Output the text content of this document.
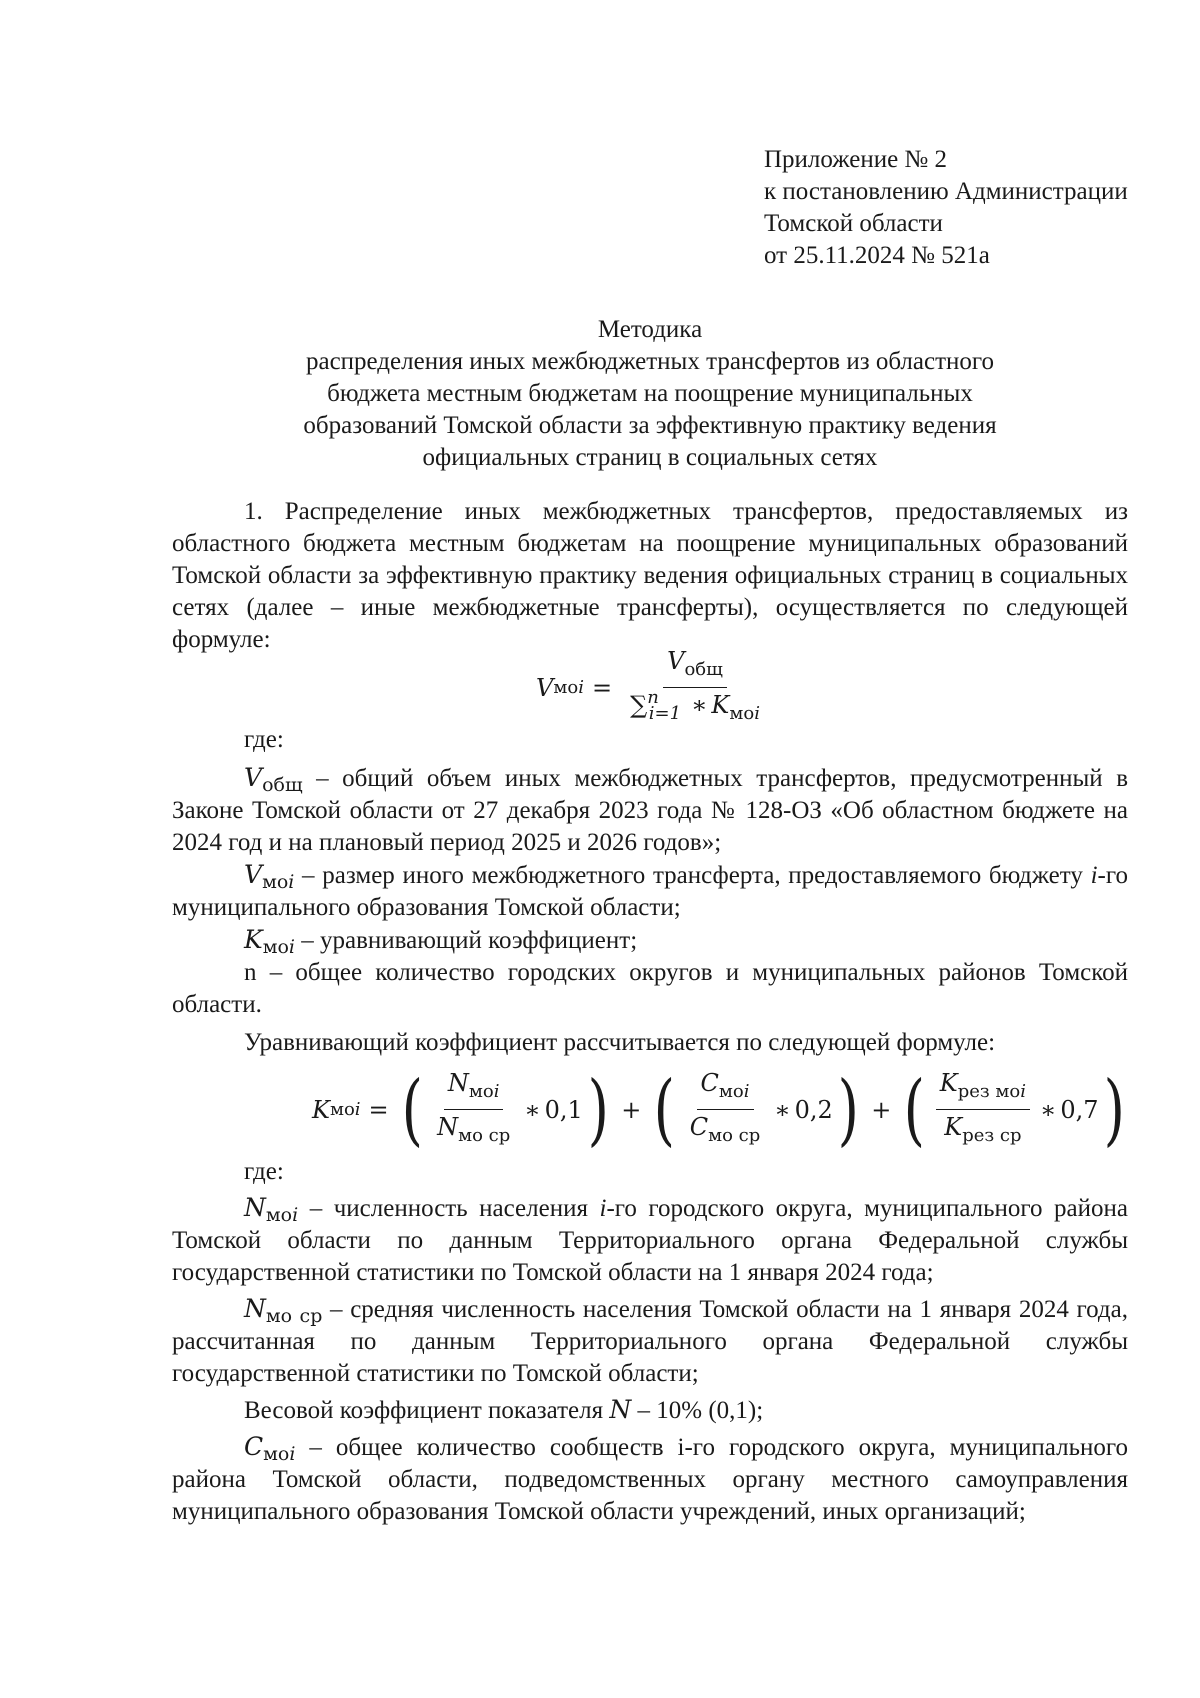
Приложение № 2
к постановлению Администрации
Томской области
от 25.11.2024 № 521а
Методика
распределения иных межбюджетных трансфертов из областного
бюджета местным бюджетам на поощрение муниципальных
образований Томской области за эффективную практику ведения
официальных страниц в социальных сетях

1. Распределение иных межбюджетных трансфертов, предоставляемых из областного бюджета местным бюджетам на поощрение муниципальных образований Томской области за эффективную практику ведения официальных страниц в социальных сетях (далее – иные межбюджетные трансферты), осуществляется по следующей формуле:

V мо $i = \frac{V_{общ}}{\sum_{ni=1} ∗ K_{моi}}$

где:

$V_{общ}$ – общий объем иных межбюджетных трансфертов, предусмотренный в Законе Томской области от 27 декабря 2023 года № 128-ОЗ «Об областном бюджете на 2024 год и на плановый период 2025 и 2026 годов»;

$V_{моi}$ – размер иного межбюджетного трансферта, предоставляемого бюджету i-го муниципального образования Томской области;

$K_{моi}$ – уравнивающий коэффициент;

n – общее количество городских округов и муниципальных районов Томской области.

Уравнивающий коэффициент рассчитывается по следующей формуле:

K мо i = ( $\frac{N_{моi}}{N_{мо ср}}$ ∗ 0,1 ) + ( $\frac{C_{моi}}{C_{мо ср}}$ ∗ 0,2 ) + ( $\frac{K_{рез моi}}{K_{рез ср}}$ ∗ 0,7 )

где:

$N_{моi}$ – численность населения i-го городского округа, муниципального района Томской области по данным Территориального органа Федеральной службы государственной статистики по Томской области на 1 января 2024 года;

$N_{мо ср}$ – средняя численность населения Томской области на 1 января 2024 года, рассчитанная по данным Территориального органа Федеральной службы государственной статистики по Томской области;

Весовой коэффициент показателя N – 10% (0,1);

$C_{моi}$ – общее количество сообществ i-го городского округа, муниципального района Томской области, подведомственных органу местного самоуправления муниципального образования Томской области учреждений, иных организаций;
